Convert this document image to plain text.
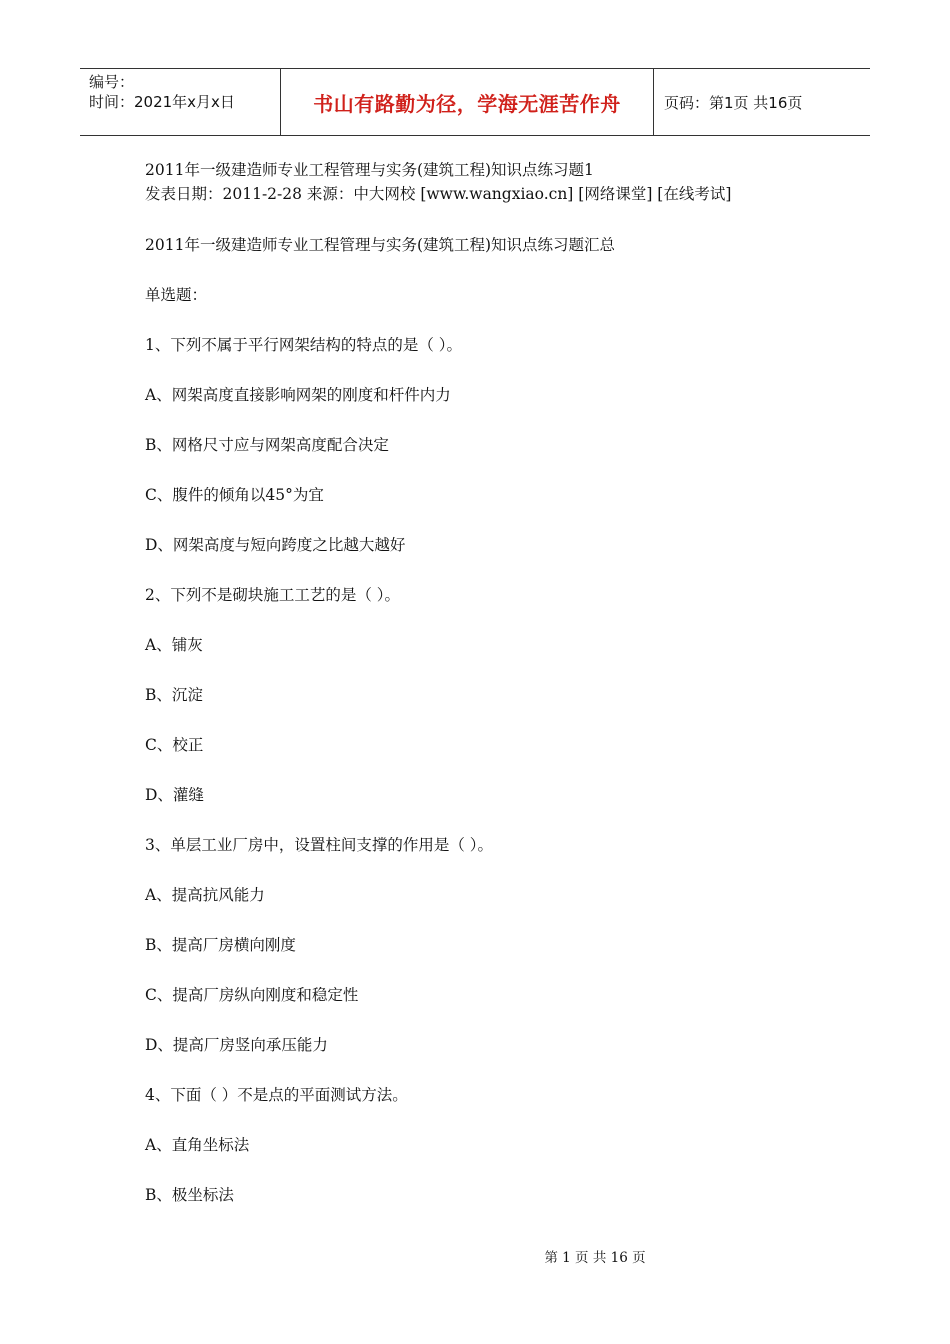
编号：
时间：2021年x月x日	书山有路勤为径，学海无涯苦作舟	页码：第1页 共16页
2011年一级建造师专业工程管理与实务(建筑工程)知识点练习题1
发表日期：2011-2-28 来源：中大网校 [www.wangxiao.cn] [网络课堂] [在线考试]
2011年一级建造师专业工程管理与实务(建筑工程)知识点练习题汇总
单选题：
1、下列不属于平行网架结构的特点的是（ ）。
A、网架高度直接影响网架的刚度和杆件内力
B、网格尺寸应与网架高度配合决定
C、腹件的倾角以45°为宜
D、网架高度与短向跨度之比越大越好
2、下列不是砌块施工工艺的是（ ）。
A、铺灰
B、沉淀
C、校正
D、灌缝
3、单层工业厂房中，设置柱间支撑的作用是（ ）。
A、提高抗风能力
B、提高厂房横向刚度
C、提高厂房纵向刚度和稳定性
D、提高厂房竖向承压能力
4、下面（ ）不是点的平面测试方法。
A、直角坐标法
B、极坐标法
第 1 页 共 16 页
